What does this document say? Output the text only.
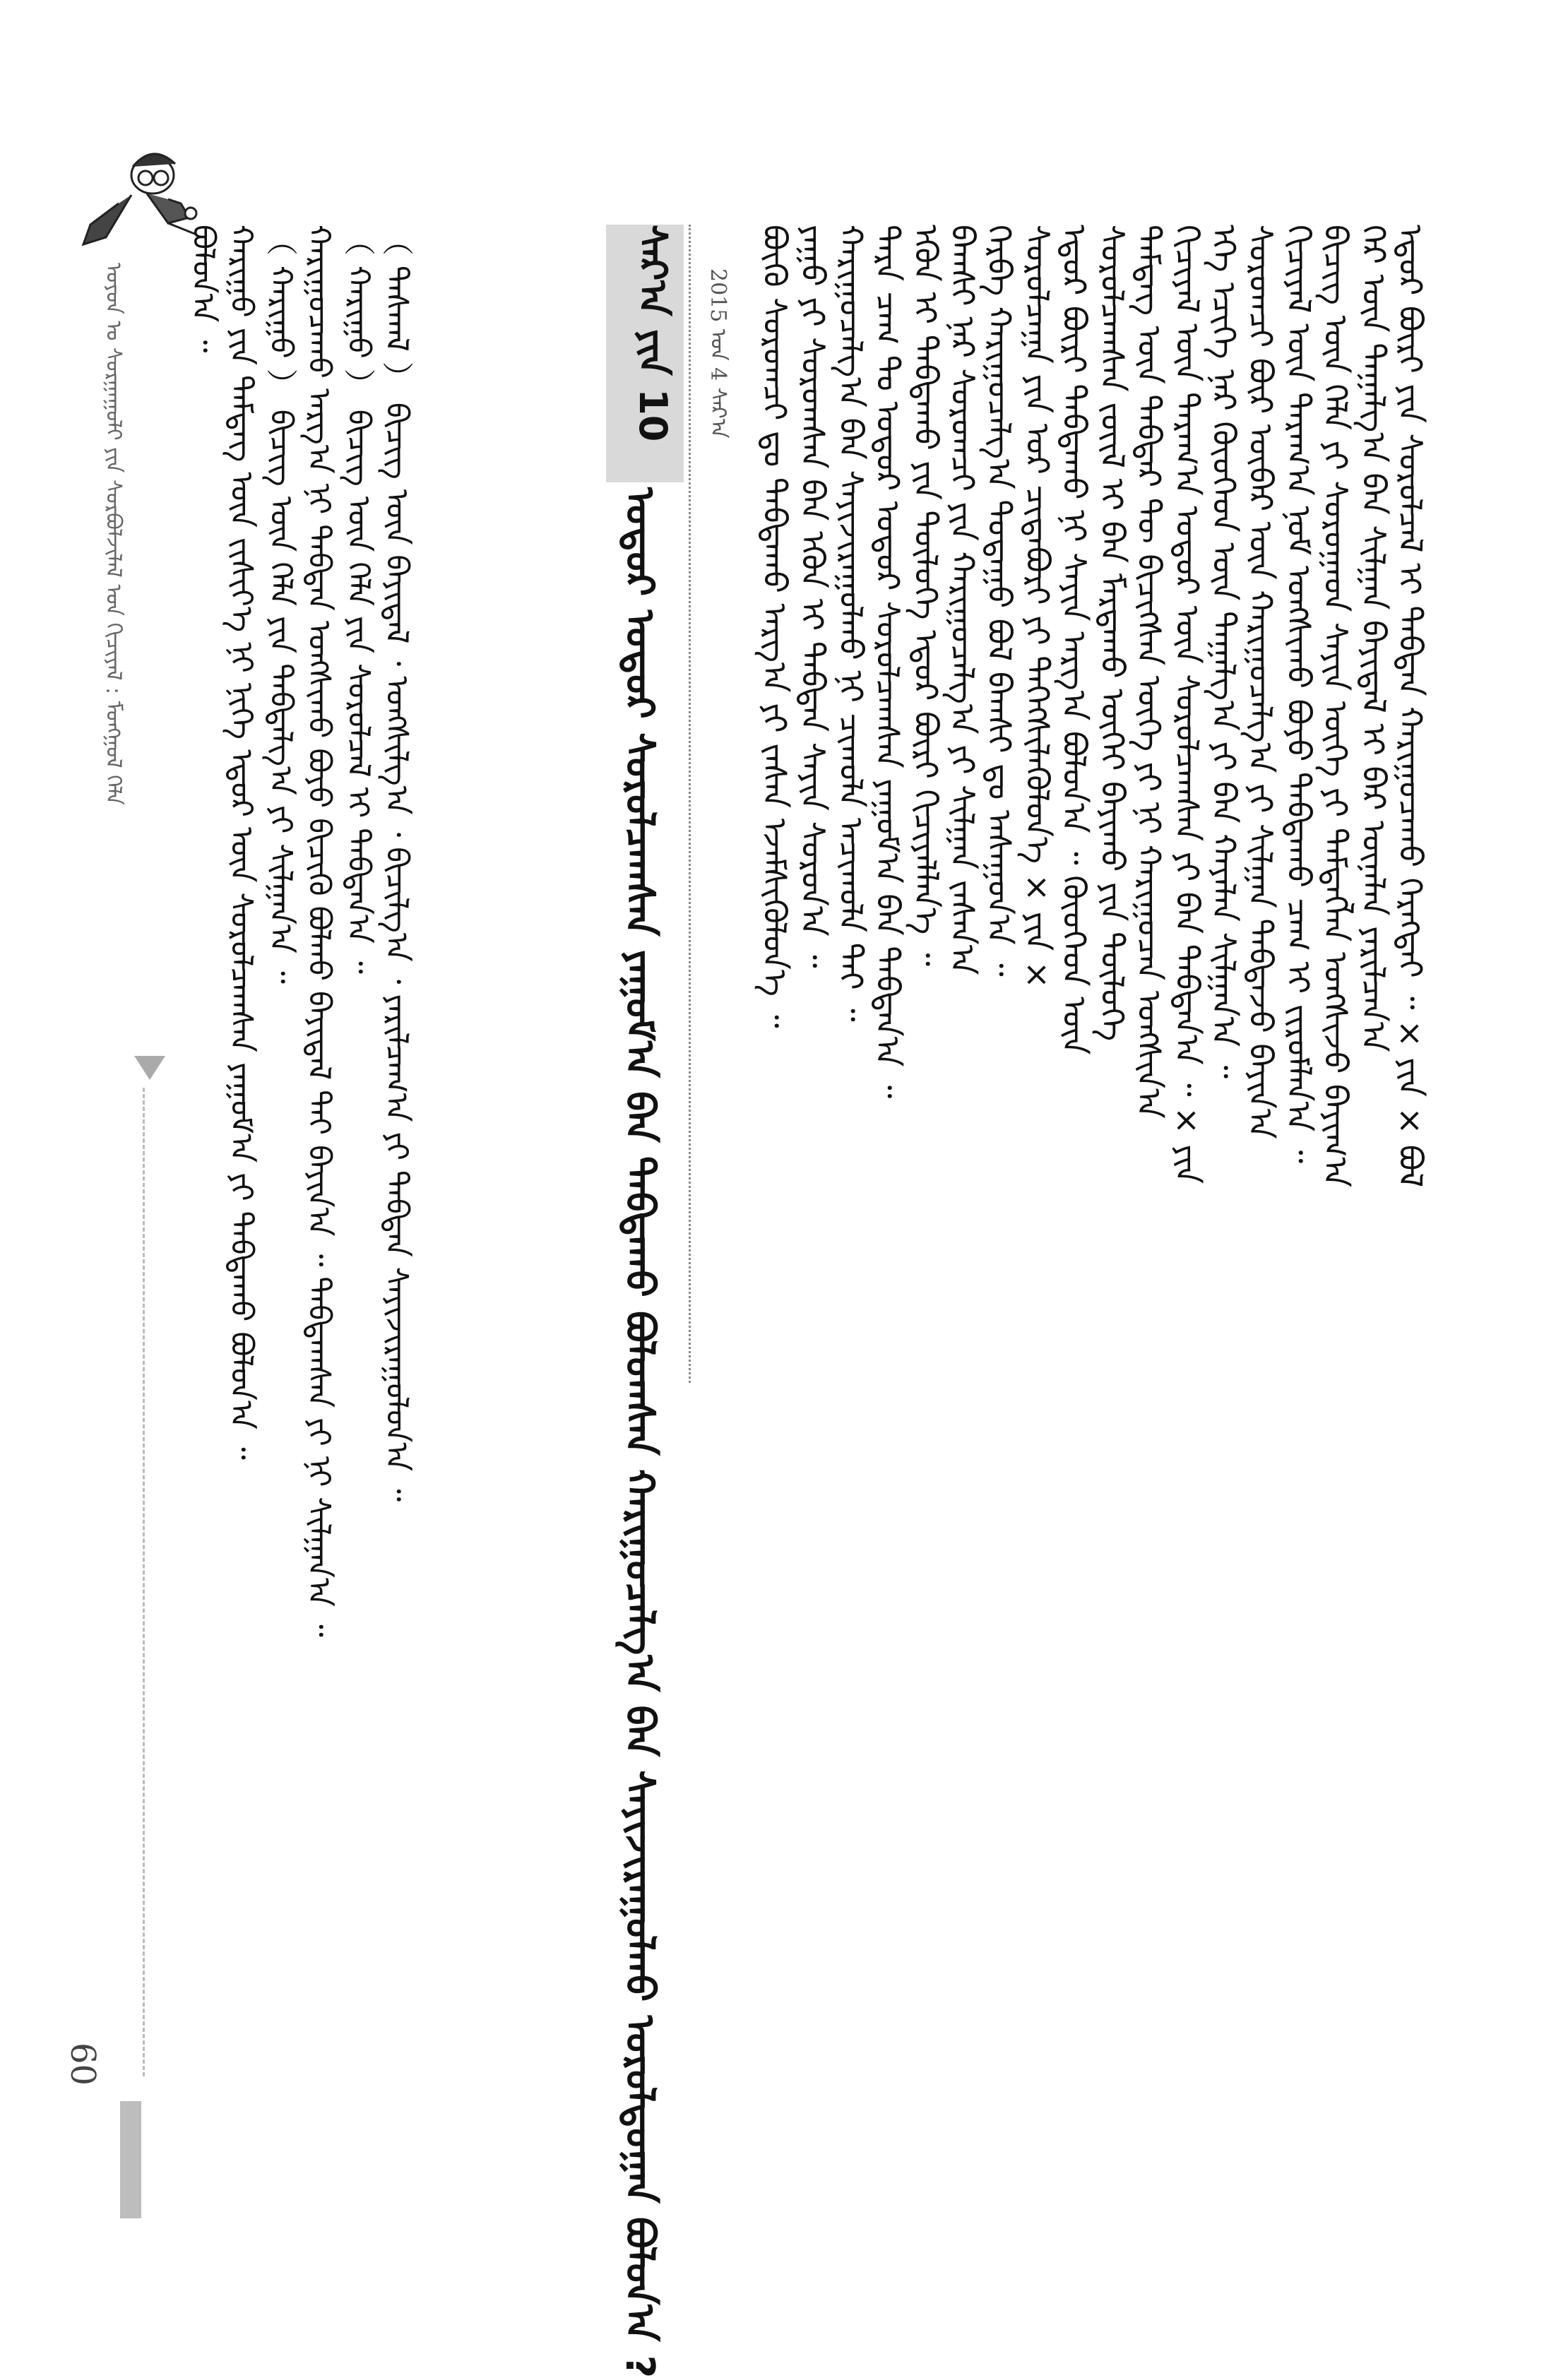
ᠣᠶᠤᠨ ᠤ ᠰᠤᠷᠭᠠᠭᠤᠯᠢ ᠶᠢᠨ ᠰᠤᠷᠪᠤᠯᠵᠢᠯᠠᠯ ᠤᠨ ᠬᠢᠴᠢᠶᠡᠯ : ᠮᠣᠩᠭᠣᠯ ᠬᠡᠯᠡ ᠪᠣᠯᠤᠨ᠎ᠠ ᠃ ᠬᠠᠷᠢᠭᠤ ᠶᠢᠨ ᠲᠡᠮᠳᠡᠭ ᠦᠨ ᠵᠢᠱᠢᠶ᠎ᠡ ᠨᠢ ᠨᠢᠭᠡ ᠡᠳᠦᠷ ᠦᠨ ᠰᠤᠷᠤᠯᠴᠠᠭᠰᠠᠨ ᠶᠠᠭᠤᠮ᠎ᠠ ᠶᠢ ᠳᠠᠪᠲᠠᠬᠤ ᠪᠣᠯᠤᠨ᠎ᠠ ᠃ （ ᠬᠠᠷᠢᠭᠤ ） ᠪᠢᠴᠢᠭ ᠦᠨ ᠬᠡᠯᠡ ᠶᠢᠨ ᠳᠠᠪᠲᠠᠯᠭ᠎ᠠ ᠶᠢ ᠰᠢᠯᠭᠠᠨ᠎ᠠ ᠃ ᠬᠠᠷᠢᠭᠤᠴᠠᠬᠤ ᠠᠷᠭ᠎ᠠ ᠨᠢ ᠳᠠᠪᠲᠠᠨ ᠤᠩᠰᠢᠬᠤ ᠪᠤᠶᠤ ᠪᠢᠴᠢᠬᠦ ᠪᠣᠯᠬᠤ ᠪᠠᠶᠢᠳᠠᠯ ᠲᠠᠢ ᠪᠠᠶᠢᠨ᠎ᠠ ᠃ ᠳᠠᠪᠲᠠᠭᠰᠠᠨ ᠶᠢ ᠨᠢ ᠰᠢᠯᠭᠠᠨ᠎ᠠ ᠃ （ ᠬᠠᠷᠢᠭᠤ ） ᠪᠢᠴᠢᠭ ᠦᠨ ᠬᠡᠯᠡ ᠶᠢᠨ ᠰᠤᠷᠤᠯᠴᠠᠯ ᠢ ᠳᠠᠪᠲᠠᠨ᠎ᠠ ᠃ （ ᠳᠠᠰᠬᠠᠯ ） ᠪᠢᠴᠢᠭ ᠦᠨ ᠪᠠᠶᠢᠳᠠᠯ ᠂ ᠤᠩᠰᠢᠯᠭ᠎ᠠ ᠂ ᠪᠢᠴᠢᠯᠭ᠎ᠠ ᠂ ᠶᠠᠷᠢᠯᠴᠠᠭ᠎ᠠ ᠶᠢ ᠳᠠᠪᠲᠠᠨ ᠰᠠᠶᠢᠵᠢᠷᠠᠭᠤᠯᠤᠨ᠎ᠠ ᠃	ᠰᠠᠷ᠎ᠠ ᠶᠢᠨ 10
ᠤᠳᠤᠷ ᠤᠳᠤᠷ ᠰᠤᠷᠤᠯᠴᠠᠭᠰᠠᠨ ᠶᠠᠭᠤᠮ᠎ᠠ ᠪᠠᠨ ᠳᠠᠪᠲᠠᠬᠤ ᠪᠤᠯᠤᠭᠰᠠᠨ ᠬᠠᠷᠢᠭᠤᠴᠠᠯᠭ᠎ᠠ ᠪᠠᠨ ᠰᠠᠶᠢᠵᠢᠷᠠᠭᠤᠯᠬᠤ ᠤᠷᠤᠯᠳᠤᠭᠠᠨ ᠪᠣᠯᠤᠨ᠎ᠠ ?
2015 ᠤᠨ 4 ᠰᠠᠷ᠎ᠠ ᠪᠦᠬᠦ ᠰᠤᠷᠤᠭᠴᠢ ᠳᠤ ᠳᠠᠪᠲᠠᠬᠤ ᠠᠷᠭ᠎ᠠ ᠶᠢ ᠵᠠᠰᠠᠨ ᠡᠵᠡᠮᠰᠢᠭᠦᠯᠦᠨ᠎ᠡ ᠃ ᠶᠠᠭᠤ ᠶᠢ ᠰᠤᠷᠤᠭᠰᠠᠨ ᠪᠡᠨ ᠡᠭᠦᠨ ᠢ ᠳᠠᠪᠲᠠᠨ ᠰᠠᠶᠢᠨ ᠰᠤᠷᠤᠨ᠎ᠠ ᠃ ᠬᠠᠷᠢᠭᠤᠴᠠᠯᠭ᠎ᠠ ᠪᠠᠨ ᠰᠠᠶᠢᠵᠢᠷᠠᠭᠤᠯᠬᠤ ᠨᠢ ᠴᠢᠬᠤᠯᠠ ᠠᠴᠢᠬᠤᠯᠠ ᠲᠠᠢ ᠃
ᠲᠡᠷᠡ ᠴᠠᠭ ᠲᠤ ᠤᠳᠤᠷ ᠤᠳᠤᠷ ᠰᠤᠷᠤᠯᠴᠠᠭᠰᠠᠨ ᠶᠠᠭᠤᠮ᠎ᠠ ᠪᠠᠨ ᠳᠠᠪᠲᠠᠨ᠎ᠠ ᠃ ᠡᠭᠦᠨ ᠢ ᠳᠠᠪᠲᠠᠬᠤ ᠶᠢᠨ ᠲᠥᠯᠥᠭᠡ ᠡᠳᠦᠷ ᠪᠦᠷᠢ ᠬᠢᠴᠢᠶᠡᠯᠯᠡᠨ᠎ᠡ ᠃
ᠪᠠᠭᠰᠢ ᠨᠠᠷ ᠰᠤᠷᠤᠭᠴᠢ ᠶᠢᠨ ᠬᠠᠷᠢᠭᠤᠴᠠᠯᠭ᠎ᠠ ᠶᠢ ᠰᠢᠯᠭᠠᠨ ᠵᠠᠰᠠᠨ᠎ᠠ
ᠬᠡᠷᠪᠡ ᠬᠠᠷᠢᠭᠤᠴᠠᠯᠭ᠎ᠠ ᠳᠤᠲᠠᠭᠤ ᠪᠣᠯ ᠪᠠᠭᠰᠢ ᠳᠤ ᠠᠰᠠᠭᠤᠨ᠎ᠠ ᠃ ᠰᠤᠷᠤᠯᠴᠠᠭᠠ ᠶᠢᠨ ᠤᠷ ᠴᠢᠳᠠᠪᠤᠷᠢ ᠶᠢ ᠳᠡᠭᠡᠭᠰᠢᠯᠡᠭᠦᠯᠦᠨ᠎ᠡ × ᠶᠢᠨ ×
ᠡᠳᠦᠷ ᠪᠦᠷᠢ ᠳᠠᠪᠲᠠᠬᠤ ᠨᠢ ᠰᠠᠶᠢᠨ ᠠᠷᠭ᠎ᠠ ᠪᠣᠯᠤᠨ᠎ᠠ ᠃ ᠬᠦᠦᠬᠡᠳ ᠦᠨ ᠰᠤᠷᠤᠯᠴᠠᠭᠰᠠᠨ ᠵᠦᠢᠯ ᠢ ᠪᠠᠨ ᠮᠠᠷᠳᠠᠬᠤ ᠦᠭᠡᠢ ᠪᠠᠶᠢᠬᠤ ᠶᠢᠨ ᠲᠥᠯᠥᠭᠡ
ᠲᠡᠮᠳᠡᠭ ᠦᠨ ᠳᠡᠪᠲᠡᠷ ᠲᠦ ᠪᠢᠴᠢᠭᠰᠡᠨ ᠦᠭᠡ ᠶᠢ ᠨᠢ ᠬᠠᠷᠢᠭᠤᠴᠠᠨ ᠤᠩᠰᠢᠨ᠎ᠠ ᠬᠢᠴᠢᠶᠡᠯ ᠦᠨ ᠳᠠᠷᠠᠭ᠎ᠠ ᠤᠳᠤᠷ ᠦᠨ ᠰᠤᠷᠤᠯᠴᠠᠭᠰᠠᠨ ᠶᠢ ᠪᠠᠨ ᠳᠠᠪᠲᠠᠨ᠎ᠠ ᠃ × ᠶᠢᠨ
ᠡᠬᠡ ᠡᠴᠢᠭᠡ ᠨᠠᠷ ᠬᠦᠦᠬᠡᠳ ᠦᠨ ᠳᠠᠭᠠᠯᠭ᠎ᠠ ᠶᠢ ᠪᠠᠨ ᠬᠠᠶᠠᠯᠠᠨ ᠰᠢᠯᠭᠠᠨ᠎ᠠ ᠃
ᠰᠤᠷᠤᠭᠴᠢ ᠪᠦᠷ ᠥᠪᠡᠷ ᠦᠨ ᠬᠠᠷᠢᠭᠤᠴᠠᠯᠭ᠎ᠠ ᠶᠢ ᠰᠢᠯᠭᠠᠨ ᠳᠠᠪᠲᠠᠵᠤ ᠪᠠᠶᠢᠨ᠎ᠠ ᠬᠢᠴᠢᠶᠡᠯ ᠦᠨ ᠳᠠᠷᠠᠭ᠎ᠠ ᠨᠣᠮ ᠤᠩᠰᠢᠬᠤ ᠪᠤᠶᠤ ᠳᠠᠪᠲᠠᠬᠤ ᠴᠠᠭ ᠢ ᠵᠢᠷᠤᠮᠯᠠᠨ᠎ᠠ ᠃
ᠪᠢᠴᠢᠭ ᠦᠨ ᠬᠡᠯᠡ ᠶᠢ ᠰᠤᠷᠤᠭᠠᠳ ᠰᠠᠶᠢᠨ ᠦᠭᠡ ᠶᠢ ᠲᠡᠮᠳᠡᠭᠯᠡᠨ ᠤᠩᠰᠢᠵᠤ ᠪᠠᠶᠢᠭ᠎ᠠ ᠭᠡᠷ ᠦᠨ ᠳᠠᠭᠠᠯᠭ᠎ᠠ ᠪᠠᠨ ᠰᠢᠯᠭᠠᠨ ᠪᠠᠶᠢᠳᠠᠯ ᠢ ᠪᠠᠷ ᠦᠨᠡᠯᠡᠨ ᠶᠠᠷᠢᠯᠴᠠᠨ᠎ᠠ
ᠡᠳᠦᠷ ᠪᠦᠷᠢ ᠶᠢᠨ ᠰᠤᠷᠤᠯᠴᠠᠯ ᠢ ᠳᠠᠪᠲᠠᠨ ᠬᠠᠷᠢᠭᠤᠴᠠᠬᠤ ᠬᠡᠷᠡᠭᠲᠡᠶ ᠃ × ᠶᠢᠨ × ᠪᠣᠯ
60
